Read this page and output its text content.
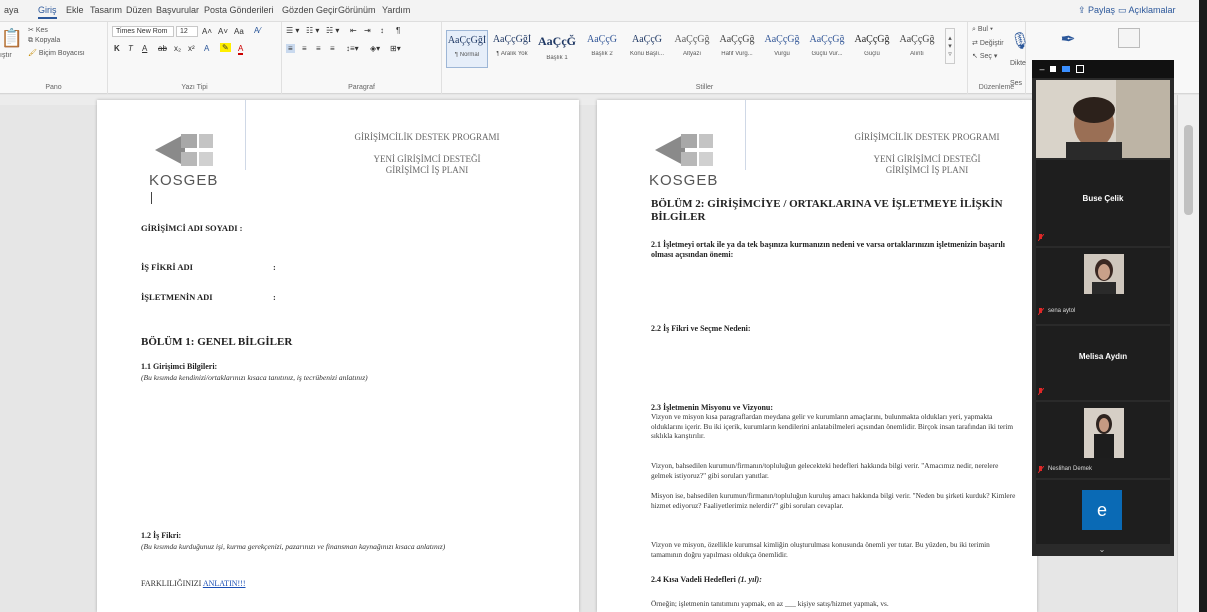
aya Giriş Ekle Tasarım Düzen Başvurular Posta Gönderileri Gözden Geçir Görünüm Yardım	⇪ Paylaş ▭ Açıklamalar
📋
ıştır
✂ Kes
⧉ Kopyala
🖌 Biçim Boyacısı
Pano
Times New Rom	12	A˄ A˅ Aa A⁄
K T A ab x₂ x² A ✎ A
Yazı Tipi
☰ ▾ ☷ ▾ ☵ ▾ ⇤ ⇥ ↕ ¶
≡ ≡ ≡ ≡ ↕≡▾ ◈▾ ⊞▾
Paragraf
AaÇçĞğİ
¶ Normal
AaÇçĞğİ
¶ Aralık Yok
AaÇçĞ
Başlık 1
AaÇçĞ
Başlık 2
AaÇçĞ
Konu Başlı...
AaÇçĞğ
Altyazı
AaÇçĞğ
Hafif Vurg...
AaÇçĞğ
Vurgu
AaÇçĞğ
Güçlü Vur...
AaÇçĞğ
Güçlü
AaÇçĞğ
Alıntı
▴
▾
▿
Stiller
⌕ Bul ▾
⇄ Değiştir
↖ Seç ▾
Düzenleme
🎙
Dikte
Ses
✒
KOSGEB
GİRİŞİMCİLİK DESTEK PROGRAMI
YENİ GİRİŞİMCİ DESTEĞİ
GİRİŞİMCİ İŞ PLANI
GİRİŞİMCİ ADI SOYADI :
İŞ FİKRİ ADI	:
İŞLETMENİN ADI	:
BÖLÜM 1: GENEL BİLGİLER
1.1 Girişimci Bilgileri:
(Bu kısımda kendinizi/ortaklarınızı kısaca tanıtınız, iş tecrübenizi anlatınız)
1.2 İş Fikri:
(Bu kısımda kurduğunuz işi, kurma gerekçenizi, pazarınızı ve finansman kaynağınızı kısaca anlatınız)
FARKLILIĞINIZI ANLATIN!!!
KOSGEB
GİRİŞİMCİLİK DESTEK PROGRAMI
YENİ GİRİŞİMCİ DESTEĞİ
GİRİŞİMCİ İŞ PLANI
BÖLÜM 2: GİRİŞİMCİYE / ORTAKLARINA VE İŞLETMEYE İLİŞKİN BİLGİLER
2.1 İşletmeyi ortak ile ya da tek başınıza kurmanızın nedeni ve varsa ortaklarınızın işletmenizin başarılı olması açısından önemi:
2.2 İş Fikri ve Seçme Nedeni:
2.3 İşletmenin Misyonu ve Vizyonu:
Vizyon ve misyon kısa paragraflardan meydana gelir ve kurumların amaçlarını, bulunmakta oldukları yeri, yapmakta olduklarını içerir. Bu iki içerik, kurumların kendilerini anlatabilmeleri açısından önemlidir. Birçok insan tarafından iki terim sıklıkla karıştırılır.
Vizyon, bahsedilen kurumun/firmanın/topluluğun gelecekteki hedefleri hakkında bilgi verir. "Amacımız nedir, nerelere gelmek istiyoruz?" gibi soruları yanıtlar.
Misyon ise, bahsedilen kurumun/firmanın/topluluğun kuruluş amacı hakkında bilgi verir. "Neden bu şirketi kurduk? Kimlere hizmet ediyoruz? Faaliyetlerimiz nelerdir?" gibi soruları cevaplar.
Vizyon ve misyon, özellikle kurumsal kimliğin oluşturulması konusunda önemli yer tutar. Bu yüzden, bu iki terimin tamamının doğru yapılması oldukça önemlidir.
2.4 Kısa Vadeli Hedefleri (1. yıl):
Örneğin; işletmenin tanıtımını yapmak, en az ___ kişiye satış/hizmet yapmak, vs.
–
Buse Çelik
sena aytol
Melisa Aydın
Neslihan Demek
e
⌄
